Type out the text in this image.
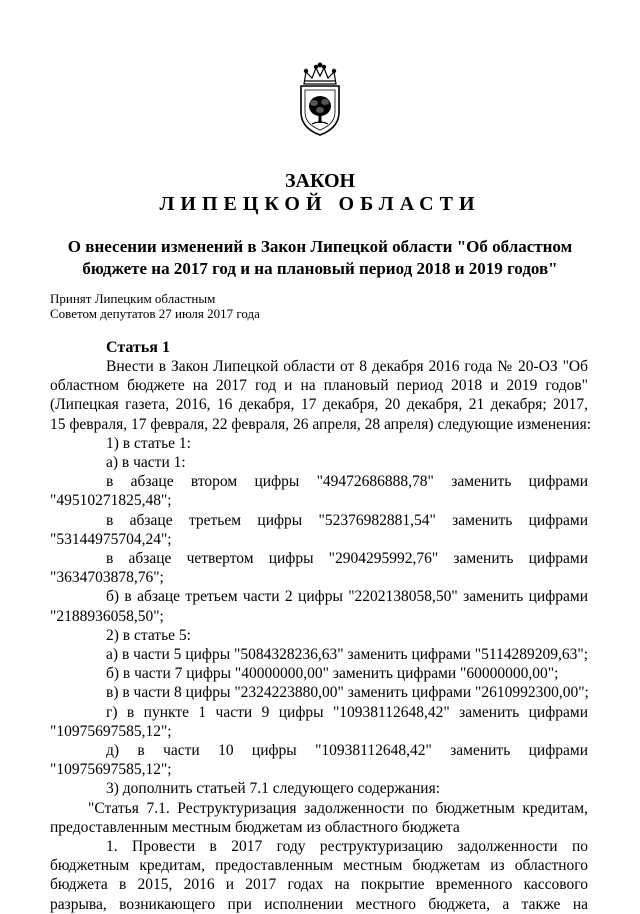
ЗАКОН
ЛИПЕЦКОЙ ОБЛАСТИ
О внесении изменений в Закон Липецкой области "Об областном
бюджете на 2017 год и на плановый период 2018 и 2019 годов"
Принят Липецким областным
Советом депутатов 27 июля 2017 года
Статья 1
Внести в Закон Липецкой области от 8 декабря 2016 года № 20-ОЗ "Об
областном бюджете на 2017 год и на плановый период 2018 и 2019 годов"
(Липецкая газета, 2016, 16 декабря, 17 декабря, 20 декабря, 21 декабря; 2017,
15 февраля, 17 февраля, 22 февраля, 26 апреля, 28 апреля) следующие изменения:
1) в статье 1:
а) в части 1:
в абзаце втором цифры "49472686888,78" заменить цифрами
"49510271825,48";
в абзаце третьем цифры "52376982881,54" заменить цифрами
"53144975704,24";
в абзаце четвертом цифры "2904295992,76" заменить цифрами
"3634703878,76";
б) в абзаце третьем части 2 цифры "2202138058,50" заменить цифрами
"2188936058,50";
2) в статье 5:
а) в части 5 цифры "5084328236,63" заменить цифрами "5114289209,63";
б) в части 7 цифры "40000000,00" заменить цифрами "60000000,00";
в) в части 8 цифры "2324223880,00" заменить цифрами "2610992300,00";
г) в пункте 1 части 9 цифры "10938112648,42" заменить цифрами
"10975697585,12";
д) в части 10 цифры "10938112648,42" заменить цифрами
"10975697585,12";
3) дополнить статьей 7.1 следующего содержания:
"Статья 7.1. Реструктуризация задолженности по бюджетным кредитам,
предоставленным местным бюджетам из областного бюджета
1. Провести в 2017 году реструктуризацию задолженности по
бюджетным кредитам, предоставленным местным бюджетам из областного
бюджета в 2015, 2016 и 2017 годах на покрытие временного кассового
разрыва, возникающего при исполнении местного бюджета, а также на
